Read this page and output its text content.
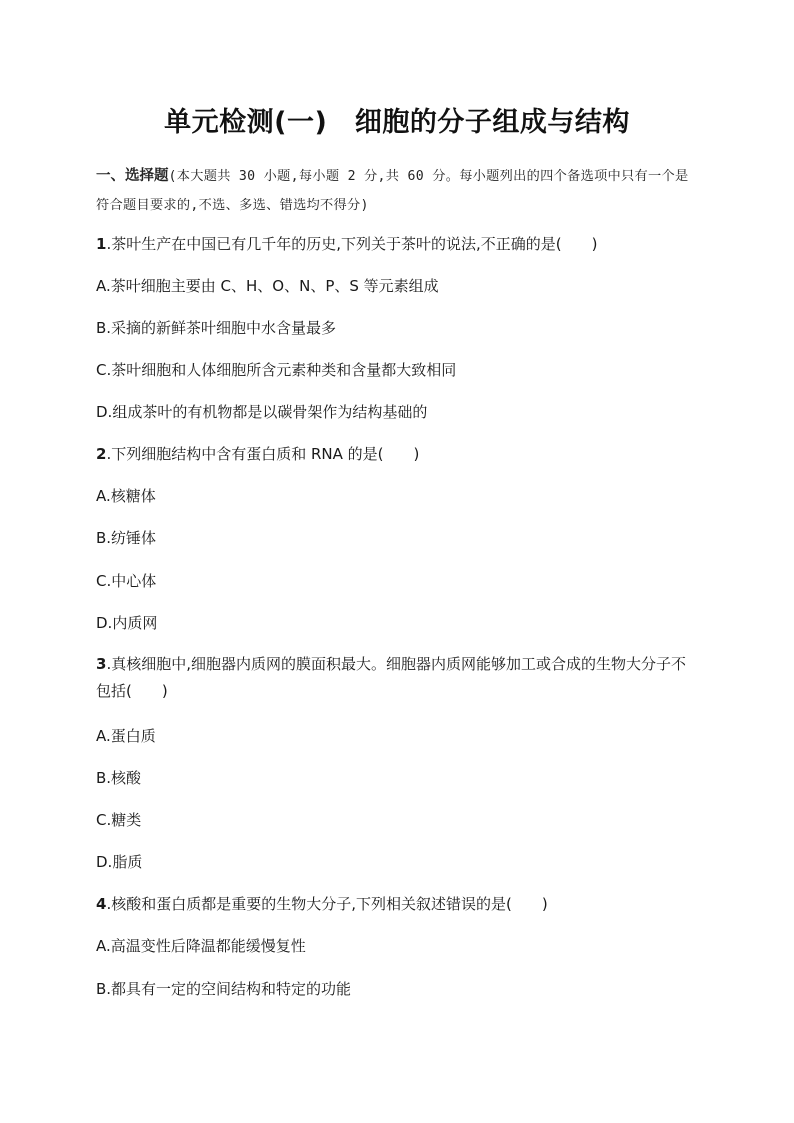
单元检测(一)　细胞的分子组成与结构
一、选择题(本大题共 30 小题,每小题 2 分,共 60 分。每小题列出的四个备选项中只有一个是符合题目要求的,不选、多选、错选均不得分)
1.茶叶生产在中国已有几千年的历史,下列关于茶叶的说法,不正确的是(　　)
A.茶叶细胞主要由 C、H、O、N、P、S 等元素组成
B.采摘的新鲜茶叶细胞中水含量最多
C.茶叶细胞和人体细胞所含元素种类和含量都大致相同
D.组成茶叶的有机物都是以碳骨架作为结构基础的
2.下列细胞结构中含有蛋白质和 RNA 的是(　　)
A.核糖体
B.纺锤体
C.中心体
D.内质网
3.真核细胞中,细胞器内质网的膜面积最大。细胞器内质网能够加工或合成的生物大分子不包括(　　)
A.蛋白质
B.核酸
C.糖类
D.脂质
4.核酸和蛋白质都是重要的生物大分子,下列相关叙述错误的是(　　)
A.高温变性后降温都能缓慢复性
B.都具有一定的空间结构和特定的功能
